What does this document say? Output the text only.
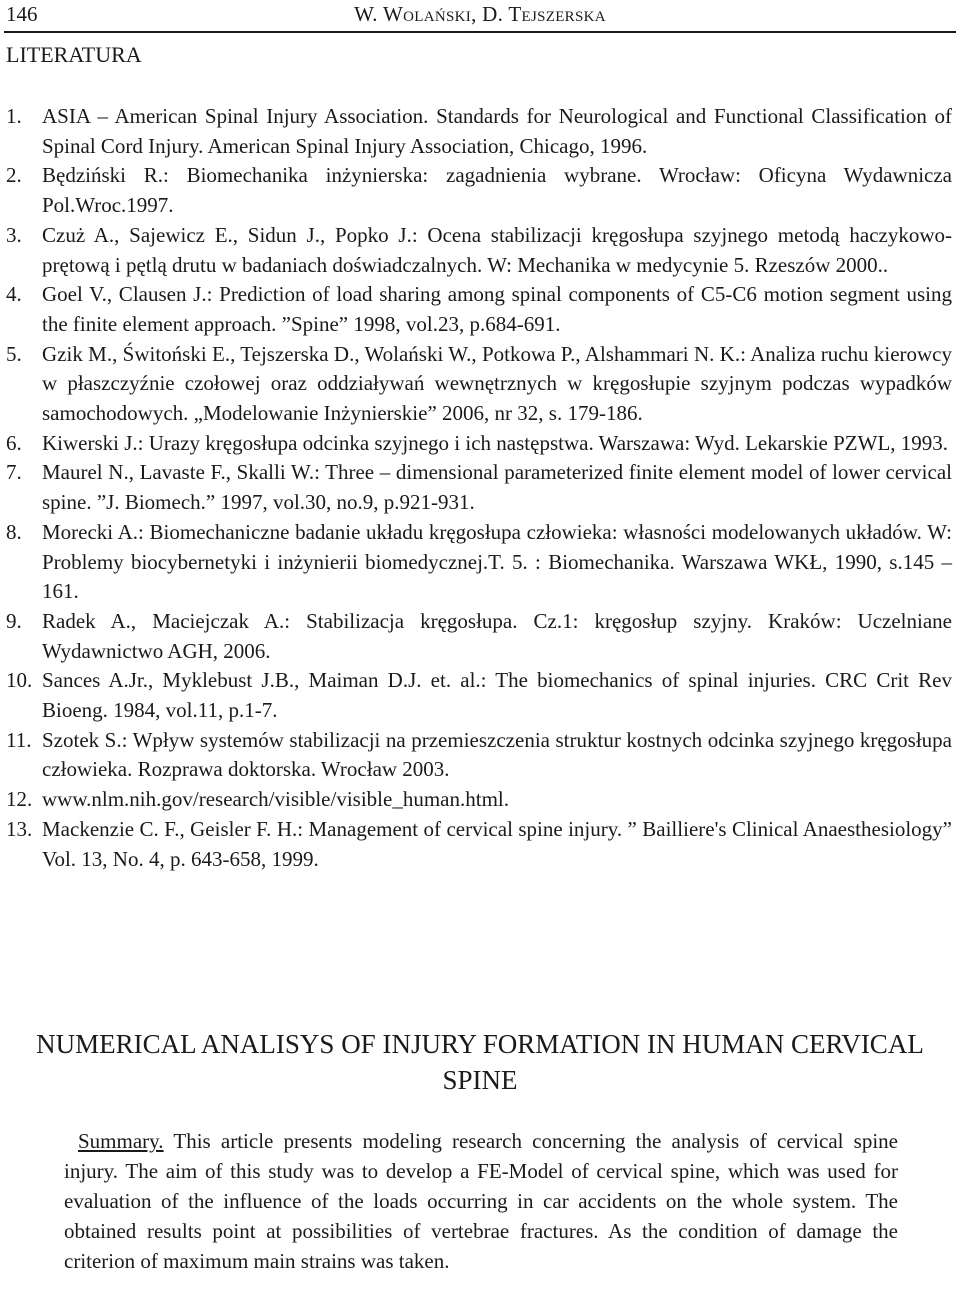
146	W. Wolański, D. Tejszerska
LITERATURA
1. ASIA – American Spinal Injury Association. Standards for Neurological and Functional Classification of Spinal Cord Injury. American Spinal Injury Association, Chicago, 1996.
2. Będziński R.: Biomechanika inżynierska: zagadnienia wybrane. Wrocław: Oficyna Wydawnicza Pol.Wroc.1997.
3. Czuż A., Sajewicz E., Sidun J., Popko J.: Ocena stabilizacji kręgosłupa szyjnego metodą haczykowo-prętową i pętlą drutu w badaniach doświadczalnych. W: Mechanika w medycynie 5. Rzeszów 2000..
4. Goel V., Clausen J.: Prediction of load sharing among spinal components of C5-C6 motion segment using the finite element approach. ”Spine” 1998, vol.23, p.684-691.
5. Gzik M., Świtoński E., Tejszerska D., Wolański W., Potkowa P., Alshammari N. K.: Analiza ruchu kierowcy w płaszczyźnie czołowej oraz oddziaływań wewnętrznych w kręgosłupie szyjnym podczas wypadków samochodowych. „Modelowanie Inżynierskie” 2006, nr 32, s. 179-186.
6. Kiwerski J.: Urazy kręgosłupa odcinka szyjnego i ich następstwa. Warszawa: Wyd. Lekarskie PZWL, 1993.
7. Maurel N., Lavaste F., Skalli W.: Three – dimensional parameterized finite element model of lower cervical spine. ”J. Biomech.” 1997, vol.30, no.9, p.921-931.
8. Morecki A.: Biomechaniczne badanie układu kręgosłupa człowieka: własności modelowanych układów. W: Problemy biocybernetyki i inżynierii biomedycznej.T. 5. : Biomechanika. Warszawa WKŁ, 1990, s.145 – 161.
9. Radek A., Maciejczak A.: Stabilizacja kręgosłupa. Cz.1: kręgosłup szyjny. Kraków: Uczelniane Wydawnictwo AGH, 2006.
10. Sances A.Jr., Myklebust J.B., Maiman D.J. et. al.: The biomechanics of spinal injuries. CRC Crit Rev Bioeng. 1984, vol.11, p.1-7.
11. Szotek S.: Wpływ systemów stabilizacji na przemieszczenia struktur kostnych odcinka szyjnego kręgosłupa człowieka. Rozprawa doktorska. Wrocław 2003.
12. www.nlm.nih.gov/research/visible/visible_human.html.
13. Mackenzie C. F., Geisler F. H.: Management of cervical spine injury. ” Bailliere's Clinical Anaesthesiology” Vol. 13, No. 4, p. 643-658, 1999.
NUMERICAL ANALISYS OF INJURY FORMATION IN HUMAN CERVICAL SPINE

Summary. This article presents modeling research concerning the analysis of cervical spine injury. The aim of this study was to develop a FE-Model of cervical spine, which was used for evaluation of the influence of the loads occurring in car accidents on the whole system. The obtained results point at possibilities of vertebrae fractures. As the condition of damage the criterion of maximum main strains was taken.
